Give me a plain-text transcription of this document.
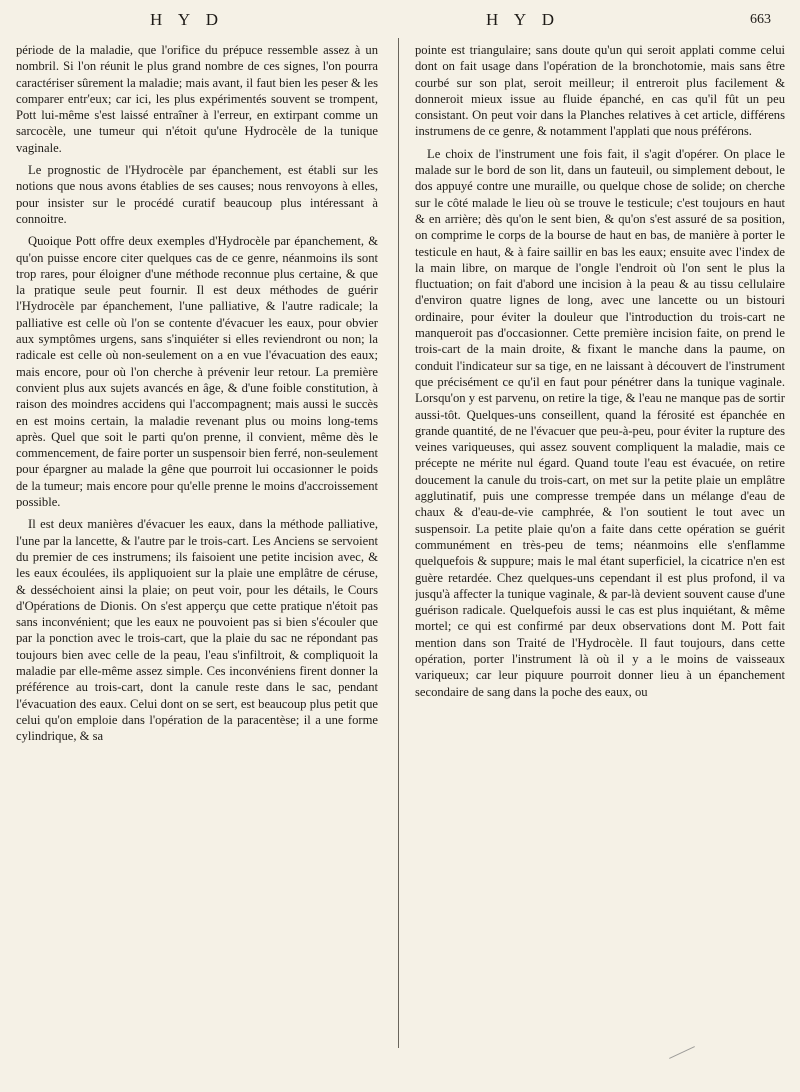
H Y D	H Y D	663

période de la maladie, que l'orifice du prépuce ressemble assez à un nombril. Si l'on réunit le plus grand nombre de ces signes, l'on pourra caractériser sûrement la maladie; mais avant, il faut bien les peser & les comparer entr'eux; car ici, les plus expérimentés souvent se trompent, Pott lui-même s'est laissé entraîner à l'erreur, en extirpant comme un sarcocèle, une tumeur qui n'étoit qu'une Hydrocèle de la tunique vaginale.

Le prognostic de l'Hydrocèle par épanchement, est établi sur les notions que nous avons établies de ses causes; nous renvoyons à elles, pour insister sur le procédé curatif beaucoup plus intéressant à connoitre.

Quoique Pott offre deux exemples d'Hydrocèle par épanchement, & qu'on puisse encore citer quelques cas de ce genre, néanmoins ils sont trop rares, pour éloigner d'une méthode reconnue plus certaine, & que la pratique seule peut fournir. Il est deux méthodes de guérir l'Hydrocèle par épanchement, l'une palliative, & l'autre radicale; la palliative est celle où l'on se contente d'évacuer les eaux, pour obvier aux symptômes urgens, sans s'inquiéter si elles reviendront ou non; la radicale est celle où non-seulement on a en vue l'évacuation des eaux; mais encore, pour où l'on cherche à prévenir leur retour. La première convient plus aux sujets avancés en âge, & d'une foible constitution, à raison des moindres accidens qui l'accompagnent; mais aussi le succès en est moins certain, la maladie revenant plus ou moins long-tems après. Quel que soit le parti qu'on prenne, il convient, même dès le commencement, de faire porter un suspensoir bien ferré, non-seulement pour épargner au malade la gêne que pourroit lui occasionner le poids de la tumeur; mais encore pour qu'elle prenne le moins d'accroissement possible.

Il est deux manières d'évacuer les eaux, dans la méthode palliative, l'une par la lancette, & l'autre par le trois-cart. Les Anciens se servoient du premier de ces instrumens; ils faisoient une petite incision avec, & les eaux écoulées, ils appliquoient sur la plaie une emplâtre de céruse, & desséchoient ainsi la plaie; on peut voir, pour les détails, le Cours d'Opérations de Dionis. On s'est apperçu que cette pratique n'étoit pas sans inconvénient; que les eaux ne pouvoient pas si bien s'écouler que par la ponction avec le trois-cart, que la plaie du sac ne répondant pas toujours bien avec celle de la peau, l'eau s'infiltroit, & compliquoit la maladie par elle-même assez simple. Ces inconvéniens firent donner la préférence au trois-cart, dont la canule reste dans le sac, pendant l'évacuation des eaux. Celui dont on se sert, est beaucoup plus petit que celui qu'on emploie dans l'opération de la paracentèse; il a une forme cylindrique, & sa

pointe est triangulaire; sans doute qu'un qui seroit applati comme celui dont on fait usage dans l'opération de la bronchotomie, mais sans être courbé sur son plat, seroit meilleur; il entreroit plus facilement & donneroit mieux issue au fluide épanché, en cas qu'il fût un peu consistant. On peut voir dans la Planches relatives à cet article, différens instrumens de ce genre, & notamment l'applati que nous préférons.

Le choix de l'instrument une fois fait, il s'agit d'opérer. On place le malade sur le bord de son lit, dans un fauteuil, ou simplement debout, le dos appuyé contre une muraille, ou quelque chose de solide; on cherche sur le côté malade le lieu où se trouve le testicule; c'est toujours en haut & en arrière; dès qu'on le sent bien, & qu'on s'est assuré de sa position, on comprime le corps de la bourse de haut en bas, de manière à porter le testicule en haut, & à faire saillir en bas les eaux; ensuite avec l'index de la main libre, on marque de l'ongle l'endroit où l'on sent le plus la fluctuation; on fait d'abord une incision à la peau & au tissu cellulaire d'environ quatre lignes de long, avec une lancette ou un bistouri ordinaire, pour éviter la douleur que l'introduction du trois-cart ne manqueroit pas d'occasionner. Cette première incision faite, on prend le trois-cart de la main droite, & fixant le manche dans la paume, on conduit l'indicateur sur sa tige, en ne laissant à découvert de l'instrument que précisément ce qu'il en faut pour pénétrer dans la tunique vaginale. Lorsqu'on y est parvenu, on retire la tige, & l'eau ne manque pas de sortir aussi-tôt. Quelques-uns conseillent, quand la férosité est épanchée en grande quantité, de ne l'évacuer que peu-à-peu, pour éviter la rupture des veines variqueuses, qui assez souvent compliquent la maladie, mais ce précepte ne mérite nul égard. Quand toute l'eau est évacuée, on retire doucement la canule du trois-cart, on met sur la petite plaie un emplâtre agglutinatif, puis une compresse trempée dans un mélange d'eau de chaux & d'eau-de-vie camphrée, & l'on soutient le tout avec un suspensoir. La petite plaie qu'on a faite dans cette opération se guérit communément en très-peu de tems; néanmoins elle s'enflamme quelquefois & suppure; mais le mal étant superficiel, la cicatrice n'en est guère retardée. Chez quelques-uns cependant il est plus profond, il va jusqu'à affecter la tunique vaginale, & par-là devient souvent cause d'une guérison radicale. Quelquefois aussi le cas est plus inquiétant, & même mortel; ce qui est confirmé par deux observations dont M. Pott fait mention dans son Traité de l'Hydrocèle. Il faut toujours, dans cette opération, porter l'instrument là où il y a le moins de vaisseaux variqueux; car leur piquure pourroit donner lieu à un épanchement secondaire de sang dans la poche des eaux, ou
